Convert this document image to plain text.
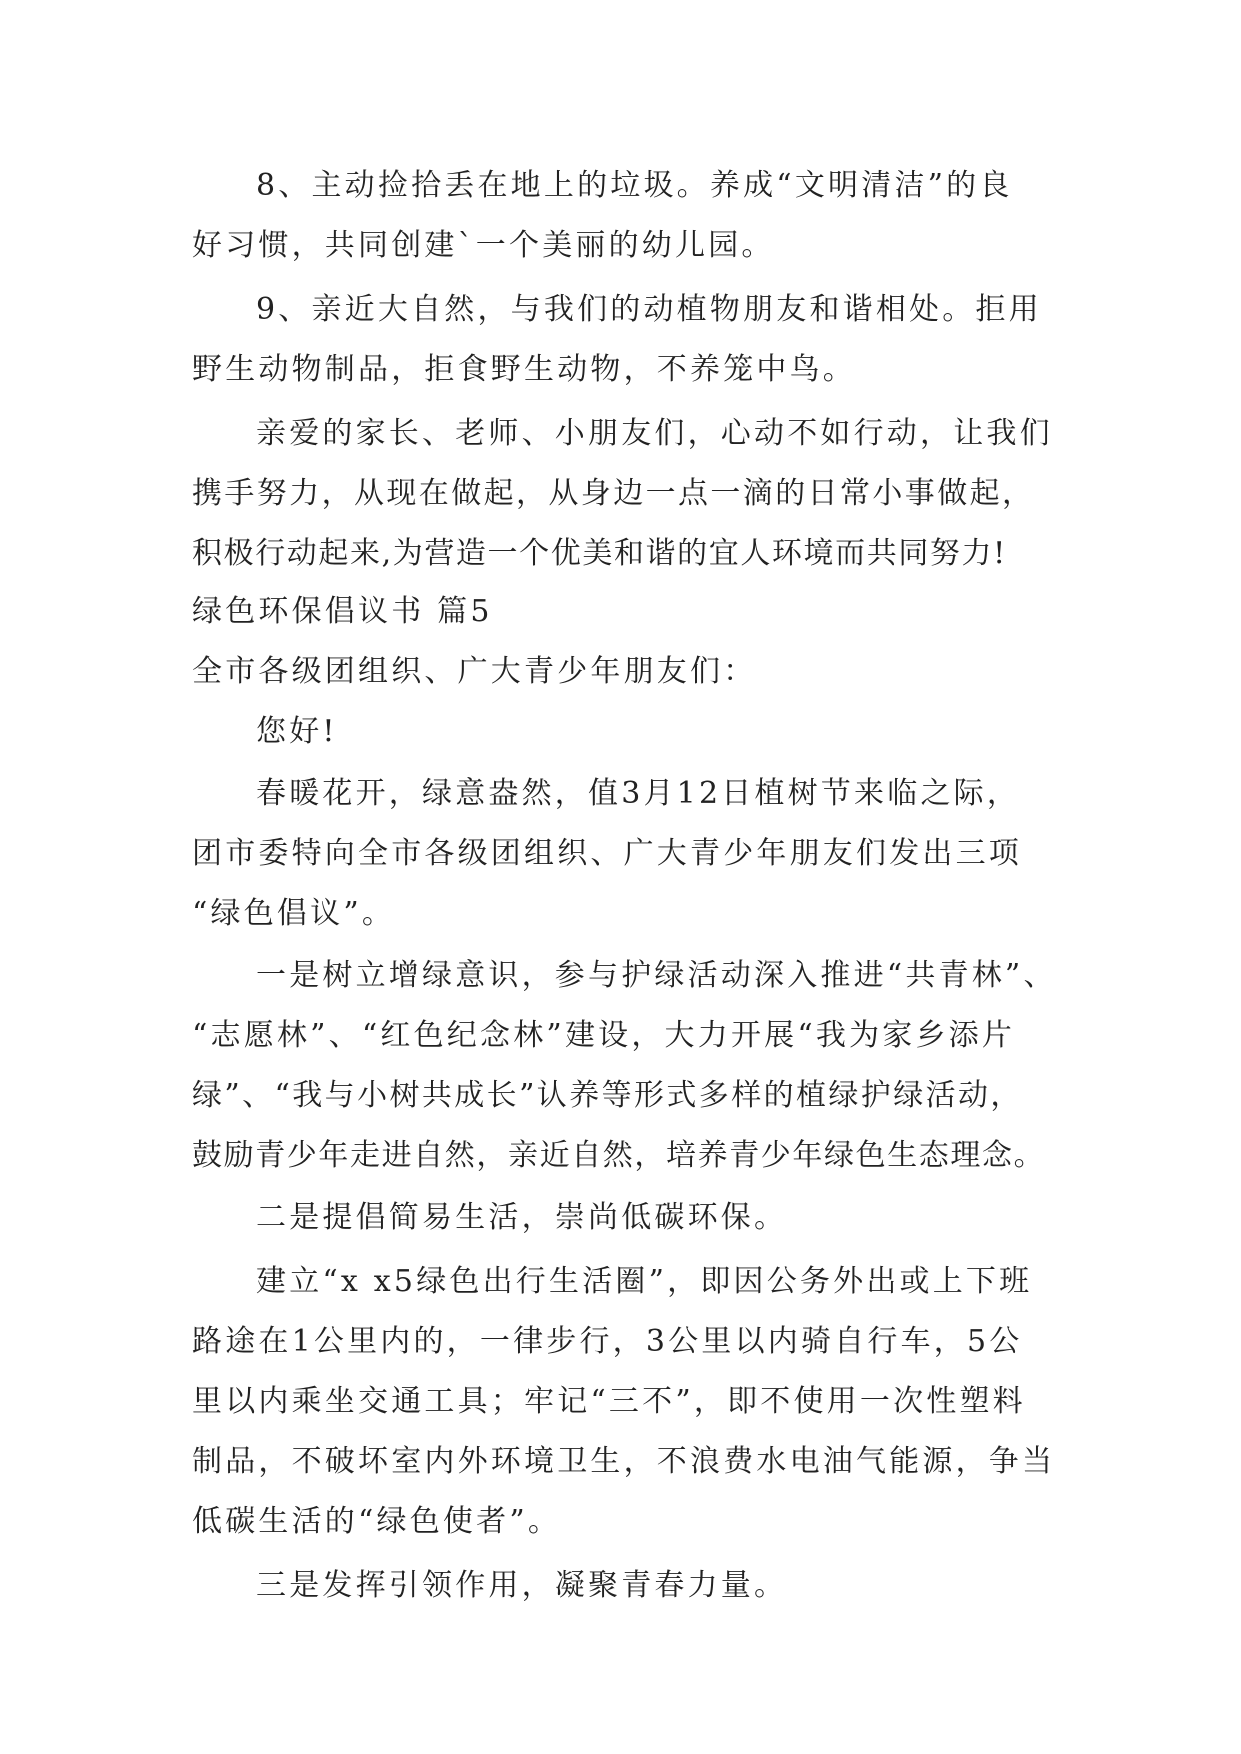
8、主动捡拾丢在地上的垃圾。养成“文明清洁”的良
好习惯，共同创建`一个美丽的幼儿园。
9、亲近大自然，与我们的动植物朋友和谐相处。拒用
野生动物制品，拒食野生动物，不养笼中鸟。
亲爱的家长、老师、小朋友们，心动不如行动，让我们
携手努力，从现在做起，从身边一点一滴的日常小事做起，
积极行动起来,为营造一个优美和谐的宜人环境而共同努力!
绿色环保倡议书 篇5
全市各级团组织、广大青少年朋友们：
您好!
春暖花开，绿意盎然，值3月12日植树节来临之际，
团市委特向全市各级团组织、广大青少年朋友们发出三项
“绿色倡议”。
一是树立增绿意识，参与护绿活动深入推进“共青林”、
“志愿林”、“红色纪念林”建设，大力开展“我为家乡添片
绿”、“我与小树共成长”认养等形式多样的植绿护绿活动，
鼓励青少年走进自然，亲近自然，培养青少年绿色生态理念。
二是提倡简易生活，崇尚低碳环保。
建立“x x5绿色出行生活圈”，即因公务外出或上下班
路途在1公里内的，一律步行，3公里以内骑自行车，5公
里以内乘坐交通工具；牢记“三不”，即不使用一次性塑料
制品，不破坏室内外环境卫生，不浪费水电油气能源，争当
低碳生活的“绿色使者”。
三是发挥引领作用，凝聚青春力量。
